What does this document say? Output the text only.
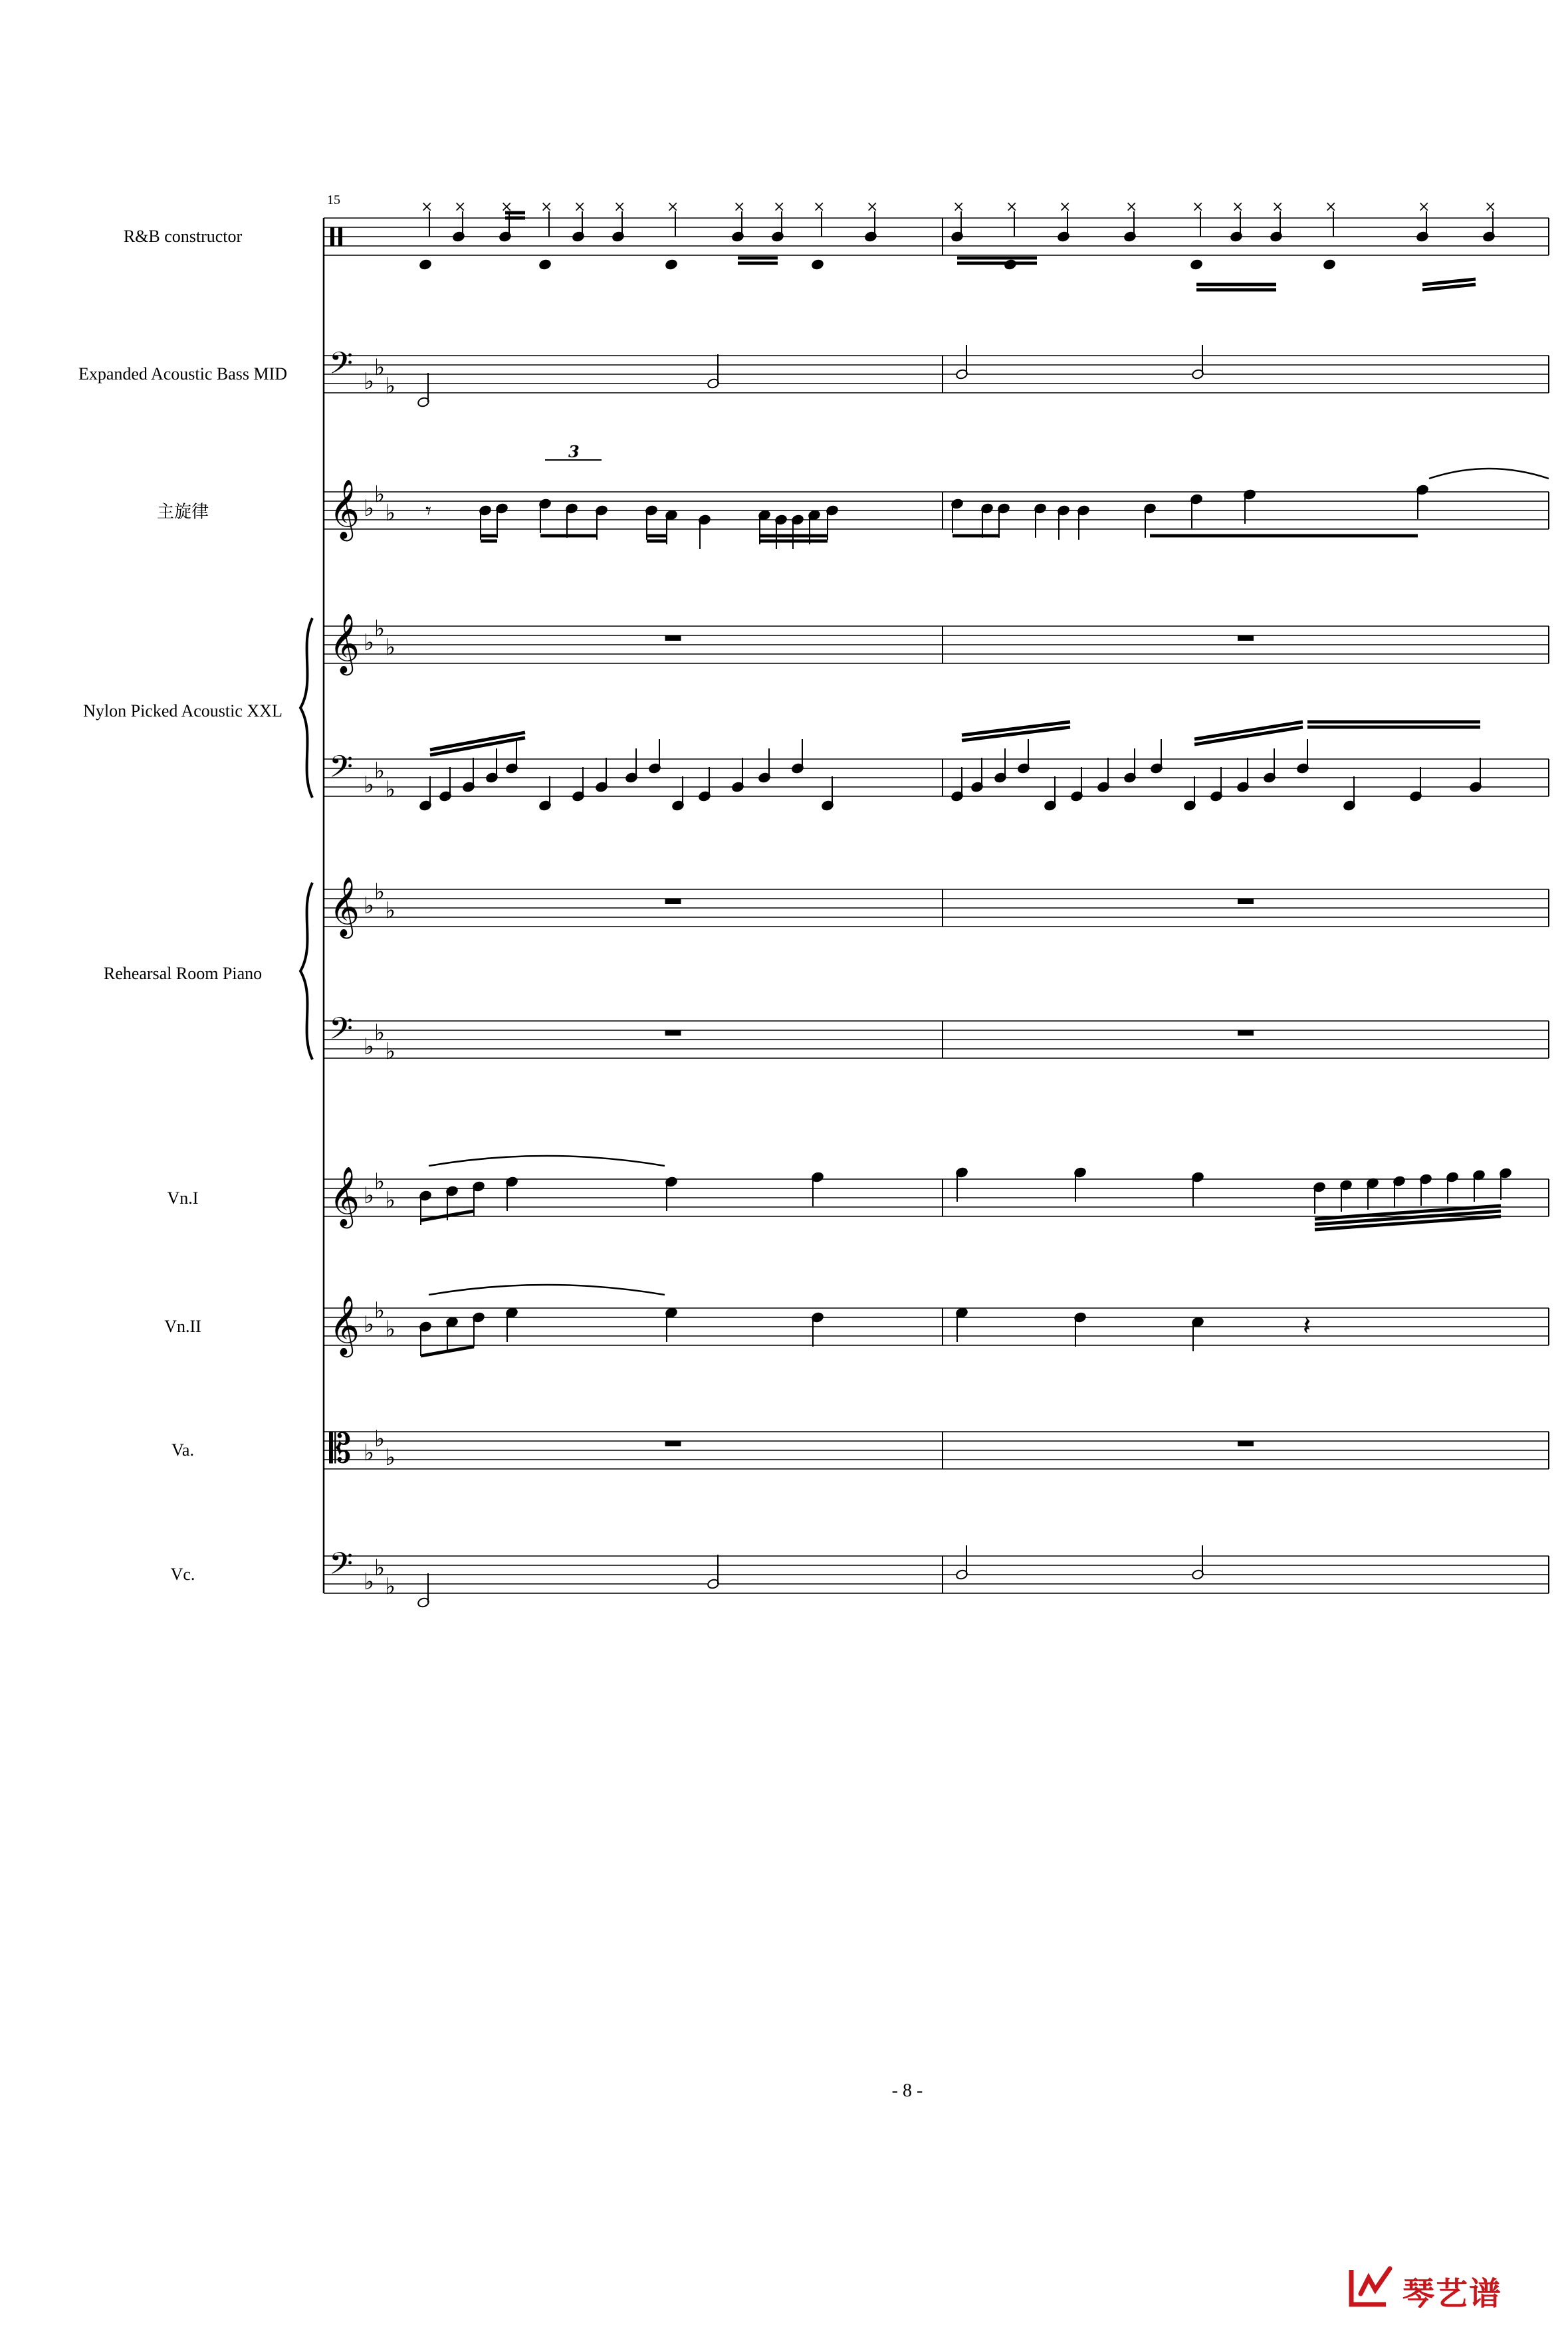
𝄢 ♭
♭
♭
𝄞 ♭
♭
♭
𝄞 ♭
♭
♭
𝄢 ♭
♭
♭
𝄞 ♭
♭
♭
𝄢 ♭
♭
♭
𝄞 ♭
♭
♭
𝄞 ♭
♭
♭
𝄡 ♭
♭
♭
𝄢 ♭
♭
♭
× × × × × ×	×	× × ×	×	×	×	×	×	× × ×	×	×	×
𝄾
3
𝄽
15
R&B constructor
Expanded Acoustic Bass MID
主旋律
Nylon Picked Acoustic XXL
Rehearsal Room Piano
Vn.I
Vn.II
Va.
Vc.
- 8 -
琴艺谱
